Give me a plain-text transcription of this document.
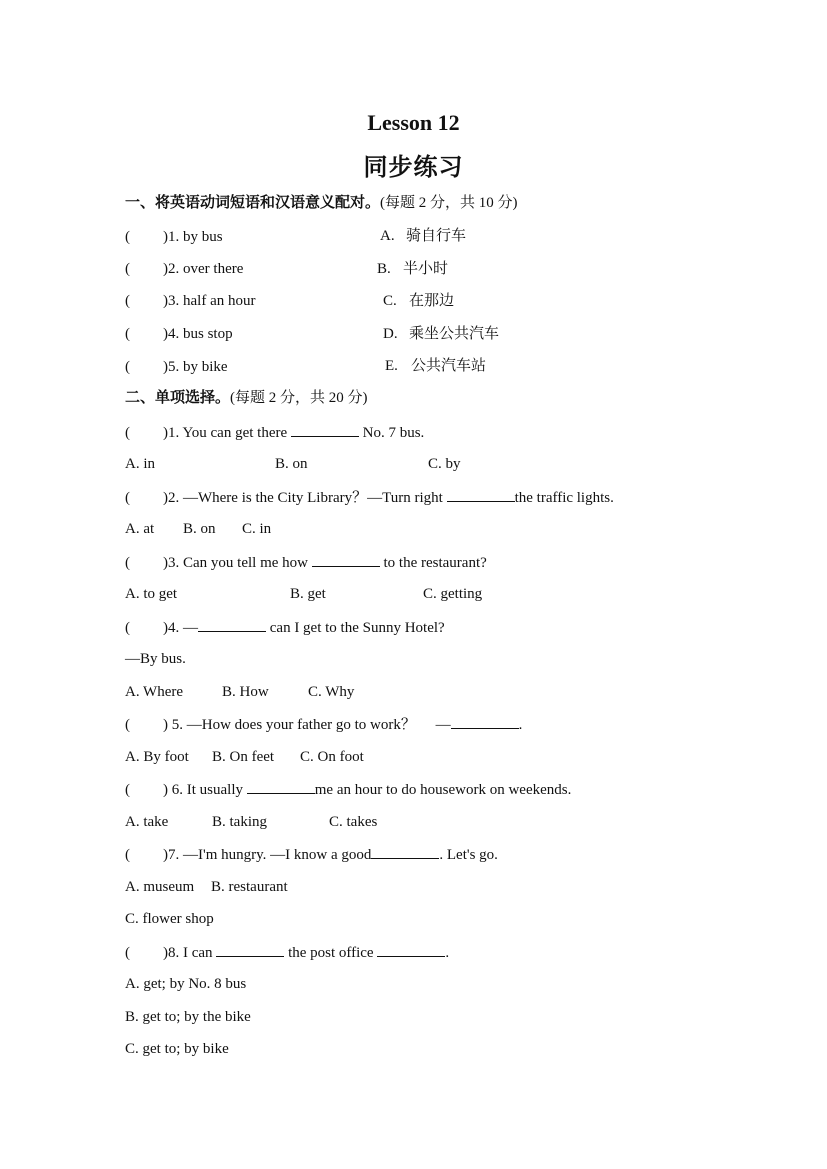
Lesson 12
同步练习
一、将英语动词短语和汉语意义配对。(每题 2 分，共 10 分)
( )1. by bus	A. 骑自行车
( )2. over there	B. 半小时
( )3. half an hour	C. 在那边
( )4. bus stop	D. 乘坐公共汽车
( )5. by bike	E. 公共汽车站
二、单项选择。(每题 2 分，共 20 分)
( )1. You can get there	No. 7 bus.
A. in	B. on	C. by
( )2. —Where is the City Library？—Turn right	the traffic lights.
A. at B. on C. in
( )3. Can you tell me how	to the restaurant?
A. to get	B. get	C. getting
( )4. —	can I get to the Sunny Hotel?
—By bus.
A. Where	B. How	C. Why
( ) 5. —How does your father go to work？ —	.
A. By foot B. On feet C. On foot
( ) 6. It usually	me an hour to do housework on weekends.
A. take	B. taking	C. takes
( )7. —I'm hungry. —I know a good	. Let's go.
A. museum B. restaurant
C. flower shop
( )8. I can	the post office	.
A. get; by No. 8 bus
B. get to; by the bike
C. get to; by bike
